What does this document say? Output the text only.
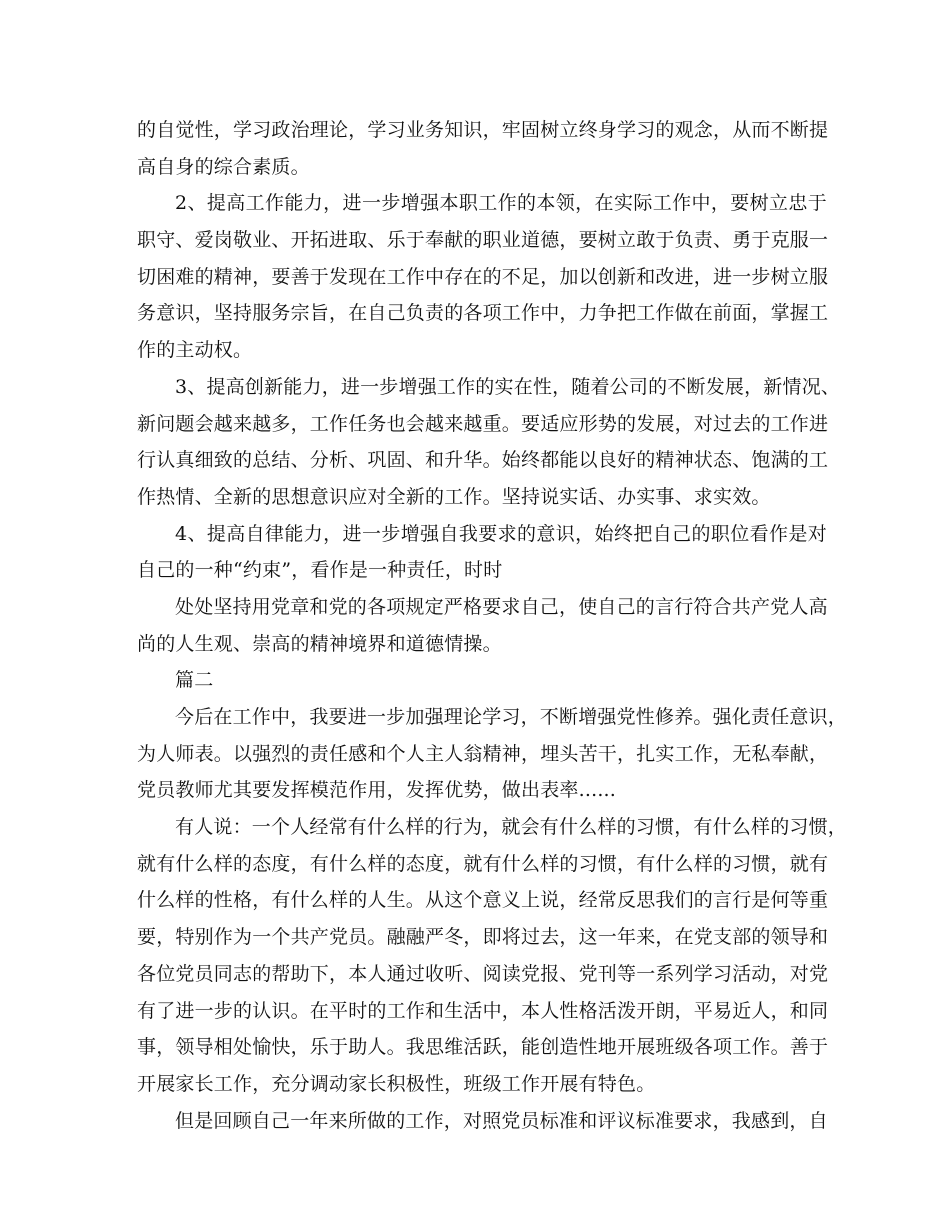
的自觉性，学习政治理论，学习业务知识，牢固树立终身学习的观念，从而不断提
高自身的综合素质。
2、提高工作能力，进一步增强本职工作的本领，在实际工作中，要树立忠于
职守、爱岗敬业、开拓进取、乐于奉献的职业道德，要树立敢于负责、勇于克服一
切困难的精神，要善于发现在工作中存在的不足，加以创新和改进，进一步树立服
务意识，坚持服务宗旨，在自己负责的各项工作中，力争把工作做在前面，掌握工
作的主动权。
3、提高创新能力，进一步增强工作的实在性，随着公司的不断发展，新情况、
新问题会越来越多，工作任务也会越来越重。要适应形势的发展，对过去的工作进
行认真细致的总结、分析、巩固、和升华。始终都能以良好的精神状态、饱满的工
作热情、全新的思想意识应对全新的工作。坚持说实话、办实事、求实效。
4、提高自律能力，进一步增强自我要求的意识，始终把自己的职位看作是对
自己的一种“约束”，看作是一种责任，时时
处处坚持用党章和党的各项规定严格要求自己，使自己的言行符合共产党人高
尚的人生观、崇高的精神境界和道德情操。
篇二
今后在工作中，我要进一步加强理论学习，不断增强党性修养。强化责任意识，
为人师表。以强烈的责任感和个人主人翁精神，埋头苦干，扎实工作，无私奉献，
党员教师尤其要发挥模范作用，发挥优势，做出表率......
有人说：一个人经常有什么样的行为，就会有什么样的习惯，有什么样的习惯，
就有什么样的态度，有什么样的态度，就有什么样的习惯，有什么样的习惯，就有
什么样的性格，有什么样的人生。从这个意义上说，经常反思我们的言行是何等重
要，特别作为一个共产党员。融融严冬，即将过去，这一年来，在党支部的领导和
各位党员同志的帮助下，本人通过收听、阅读党报、党刊等一系列学习活动，对党
有了进一步的认识。在平时的工作和生活中，本人性格活泼开朗，平易近人，和同
事，领导相处愉快，乐于助人。我思维活跃，能创造性地开展班级各项工作。善于
开展家长工作，充分调动家长积极性，班级工作开展有特色。
但是回顾自己一年来所做的工作，对照党员标准和评议标准要求，我感到，自
